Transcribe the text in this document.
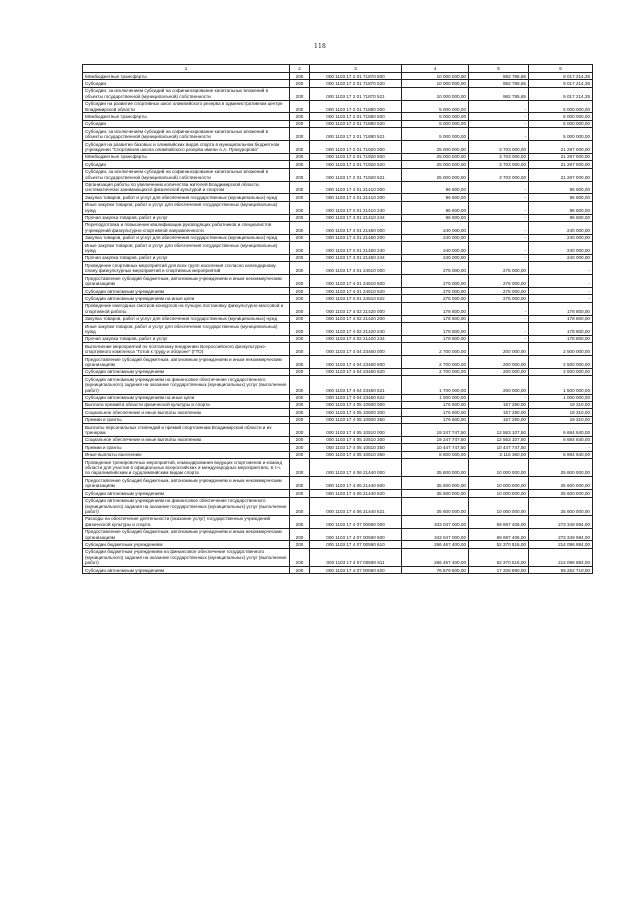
118
1	2	3	4	5	6
Межбюджетные трансферты	200	000 1103 17 2 01 71870 500	10 000 000,00	982 785,65	9 017 214,35
Субсидии	200	000 1103 17 2 01 71870 520	10 000 000,00	982 785,65	9 017 214,35
Субсидии, за исключением субсидий на софинансирование капитальных вложений в объекты государственной (муниципальной) собственности	200	000 1103 17 2 01 71870 521	10 000 000,00	982 785,65	9 017 214,35
Субсидии на развитие спортивных школ олимпийского резерва в административном центре Владимирской области	200	000 1103 17 2 01 71880 000	5 000 000,00	-	5 000 000,00
Межбюджетные трансферты	200	000 1103 17 2 01 71880 500	5 000 000,00	-	5 000 000,00
Субсидии	200	000 1103 17 2 01 71880 520	5 000 000,00	-	5 000 000,00
Субсидии, за исключением субсидий на софинансирование капитальных вложений в объекты государственной (муниципальной) собственности	200	000 1103 17 2 01 71880 521	5 000 000,00	-	5 000 000,00
Субсидия на развитие базовых и олимпийских видов спорта в муниципальном бюджетном учреждении "Спортивная школа олимпийского резерва имени А.А. Прокуророва"	200	000 1103 17 2 01 71920 000	25 000 000,00	3 703 000,00	21 297 000,00
Межбюджетные трансферты	200	000 1103 17 2 01 71920 500	25 000 000,00	3 703 000,00	21 297 000,00
Субсидии	200	000 1103 17 2 01 71920 520	25 000 000,00	3 703 000,00	21 297 000,00
Субсидии, за исключением субсидий на софинансирование капитальных вложений в объекты государственной (муниципальной) собственности	200	000 1103 17 2 01 71920 521	25 000 000,00	3 703 000,00	21 297 000,00
Организация работы по увеличению количества жителей Владимирской области, систематически занимающихся физической культурой и спортом	200	000 1103 17 4 01 21410 000	96 600,00	-	96 600,00
Закупка товаров, работ и услуг для обеспечения государственных (муниципальных) нужд	200	000 1103 17 4 01 21410 200	96 600,00	-	96 600,00
Иные закупки товаров, работ и услуг для обеспечения государственных (муниципальных) нужд	200	000 1103 17 4 01 21410 240	96 600,00	-	96 600,00
Прочая закупка товаров, работ и услуг	200	000 1103 17 4 01 21410 244	96 600,00	-	96 600,00
Переподготовка и повышение квалификации руководящих работников и специалистов учреждений физкультурно-спортивной направленности	200	000 1103 17 4 01 21460 000	240 000,00	-	240 000,00
Закупка товаров, работ и услуг для обеспечения государственных (муниципальных) нужд	200	000 1103 17 4 01 21460 200	240 000,00	-	240 000,00
Иные закупки товаров, работ и услуг для обеспечения государственных (муниципальных) нужд	200	000 1103 17 4 01 21460 240	240 000,00	-	240 000,00
Прочая закупка товаров, работ и услуг	200	000 1103 17 4 01 21460 244	240 000,00	-	240 000,00
Проведение спортивных мероприятий для всех групп населения согласно календарному плану физкультурных мероприятий и спортивных мероприятий	200	000 1103 17 4 01 24510 000	275 000,00	275 000,00	-
Предоставление субсидий бюджетным, автономным учреждениям и иным некоммерческим организациям	200	000 1103 17 4 01 24510 600	275 000,00	275 000,00	-
Субсидии автономным учреждениям	200	000 1103 17 4 01 24510 620	275 000,00	275 000,00	-
Субсидии автономным учреждениям на иные цели	200	000 1103 17 4 01 24510 622	275 000,00	275 000,00	-
Проведение ежегодных смотров-конкурсов на лучшую постановку физкультурно-массовой и спортивной работы	200	000 1103 17 4 02 21420 000	178 800,00	-	178 800,00
Закупка товаров, работ и услуг для обеспечения государственных (муниципальных) нужд	200	000 1103 17 4 02 21420 200	178 800,00	-	178 800,00
Иные закупки товаров, работ и услуг для обеспечения государственных (муниципальных) нужд	200	000 1103 17 4 02 21420 240	178 800,00	-	178 800,00
Прочая закупка товаров, работ и услуг	200	000 1103 17 4 02 21420 244	178 800,00	-	178 800,00
Выполнение мероприятий по поэтапному внедрению Всероссийского физкультурно-спортивного комплекса "Готов к труду и обороне" (ГТО)	200	000 1103 17 4 04 23460 000	2 700 000,00	200 000,00	2 500 000,00
Предоставление субсидий бюджетным, автономным учреждениям и иным некоммерческим организациям	200	000 1103 17 4 04 23460 600	2 700 000,00	200 000,00	2 500 000,00
Субсидии автономным учреждениям	200	000 1103 17 4 04 23460 620	2 700 000,00	200 000,00	2 500 000,00
Субсидии автономным учреждениям на финансовое обеспечение государственного (муниципального) задания на оказание государственных (муниципальных) услуг (выполнение работ)	200	000 1103 17 4 04 23460 621	1 700 000,00	200 000,00	1 500 000,00
Субсидии автономным учреждениям на иные цели	200	000 1103 17 4 04 23460 622	1 000 000,00	-	1 000 000,00
Выплата премий в области физической культуры и спорта	200	000 1103 17 4 05 10500 000	176 600,00	157 290,00	19 310,00
Социальное обеспечение и иные выплаты населению	200	000 1103 17 4 05 10500 300	176 600,00	157 290,00	19 310,00
Премии и гранты	200	000 1103 17 4 05 10500 350	176 600,00	157 290,00	19 310,00
Выплаты персональных стипендий и премий спортсменам Владимирской области и их тренерам	200	000 1103 17 4 05 10510 000	19 247 747,50	12 563 107,50	6 684 640,00
Социальное обеспечение и иные выплаты населению	200	000 1103 17 4 05 10510 300	19 247 747,50	12 563 107,50	6 684 640,00
Премии и гранты	200	000 1103 17 4 05 10510 350	10 447 747,50	10 447 747,50	-
Иные выплаты населению	200	000 1103 17 4 05 10510 360	8 800 000,00	2 115 360,00	6 684 640,00
Проведение тренировочных мероприятий, командирования ведущих спортсменов и команд области для участия в официальных всероссийских и международных мероприятиях, в т.ч. по паралимпийским и сурдлимпийским видам спорта	200	000 1103 17 4 06 21440 000	35 600 000,00	10 000 000,00	25 600 000,00
Предоставление субсидий бюджетным, автономным учреждениям и иным некоммерческим организациям	200	000 1103 17 4 06 21440 600	35 600 000,00	10 000 000,00	25 600 000,00
Субсидии автономным учреждениям	200	000 1103 17 4 06 21440 620	35 600 000,00	10 000 000,00	25 600 000,00
Субсидии автономным учреждениям на финансовое обеспечение государственного (муниципального) задания на оказание государственных (муниципальных) услуг (выполнение работ)	200	000 1103 17 4 06 21440 621	35 600 000,00	10 000 000,00	25 600 000,00
Расходы на обеспечение деятельности (оказание услуг) государственных учреждений физической культуры и спорта	200	000 1103 17 4 07 00590 000	343 047 000,00	69 697 406,00	273 349 594,00
Предоставление субсидий бюджетным, автономным учреждениям и иным некоммерческим организациям	200	000 1103 17 4 07 00590 600	343 047 000,00	69 697 406,00	273 349 594,00
Субсидии бюджетным учреждениям	200	000 1103 17 4 07 00590 610	266 467 400,00	52 370 516,00	214 096 884,00
Субсидии бюджетным учреждениям на финансовое обеспечение государственного (муниципального) задания на оказание государственных (муниципальных) услуг (выполнение работ)	200	000 1103 17 4 07 00590 611	266 467 400,00	52 370 516,00	214 096 884,00
Субсидии автономным учреждениям	200	000 1103 17 4 07 00590 620	76 579 600,00	17 326 890,00	59 252 710,00
